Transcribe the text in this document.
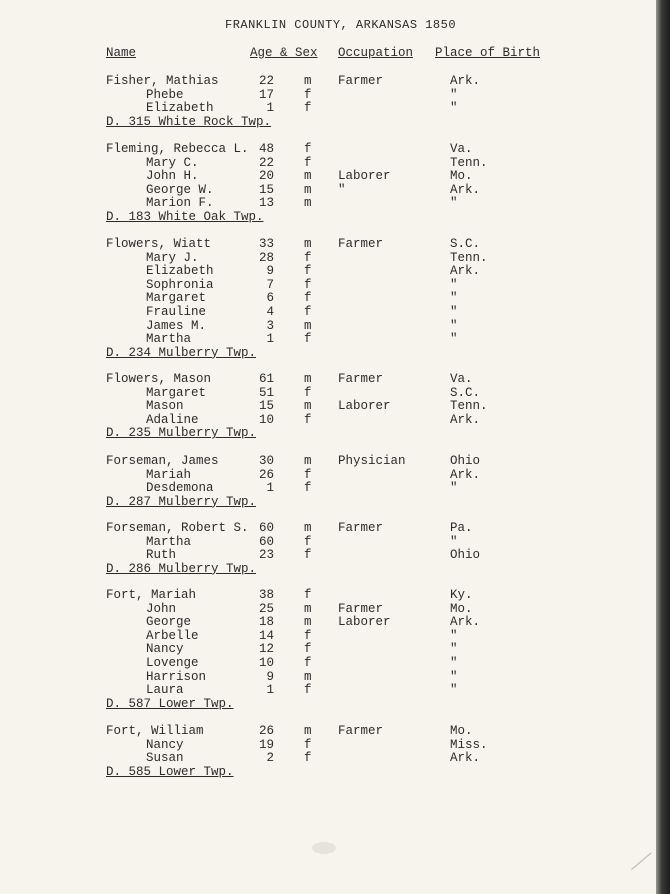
FRANKLIN COUNTY, ARKANSAS 1850
Name	Age & Sex Occupation Place of Birth
Fisher, Mathias	22 m Farmer	Ark.
Phebe	17 f	"
Elizabeth	1 f	"
D. 315 White Rock Twp.
Fleming, Rebecca L. 48 f	Va.
Mary C.	22 f	Tenn.
John H.	20 m Laborer	Mo.
George W.	15 m "	Ark.
Marion F.	13 m	"
D. 183 White Oak Twp.
Flowers, Wiatt	33 m Farmer	S.C.
Mary J.	28 f	Tenn.
Elizabeth	9 f	Ark.
Sophronia	7 f	"
Margaret	6 f	"
Frauline	4 f	"
James M.	3 m	"
Martha	1 f	"
D. 234 Mulberry Twp.
Flowers, Mason	61 m Farmer	Va.
Margaret	51 f	S.C.
Mason	15 m Laborer	Tenn.
Adaline	10 f	Ark.
D. 235 Mulberry Twp.
Forseman, James	30 m Physician	Ohio
Mariah	26 f	Ark.
Desdemona	1 f	"
D. 287 Mulberry Twp.
Forseman, Robert S. 60 m Farmer	Pa.
Martha	60 f	"
Ruth	23 f	Ohio
D. 286 Mulberry Twp.
Fort, Mariah	38 f	Ky.
John	25 m Farmer	Mo.
George	18 m Laborer	Ark.
Arbelle	14 f	"
Nancy	12 f	"
Lovenge	10 f	"
Harrison	9 m	"
Laura	1 f	"
D. 587 Lower Twp.
Fort, William	26 m Farmer	Mo.
Nancy	19 f	Miss.
Susan	2 f	Ark.
D. 585 Lower Twp.
